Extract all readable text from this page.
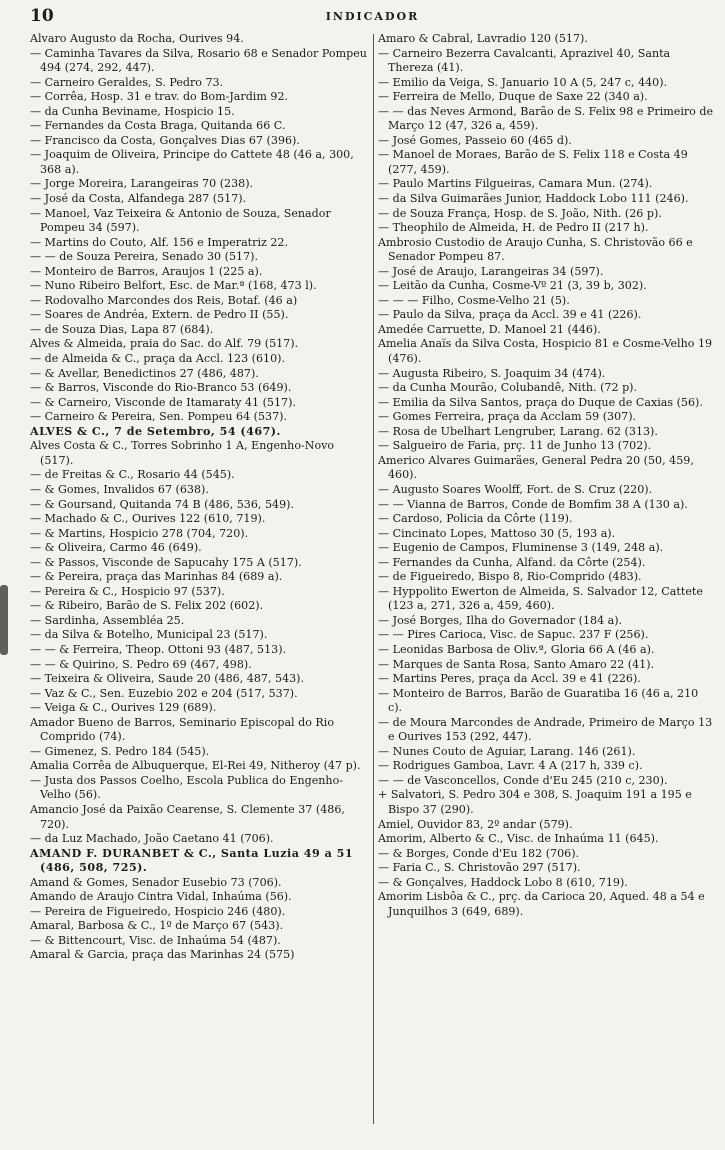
10	INDICADOR

Alvaro Augusto da Rocha, Ourives 94.

— Caminha Tavares da Silva, Rosario 68 e Senador Pompeu 494 (274, 292, 447).

— Carneiro Geraldes, S. Pedro 73.

— Corrêa, Hosp. 31 e trav. do Bom-Jardim 92.

— da Cunha Beviname, Hospicio 15.

— Fernandes da Costa Braga, Quitanda 66 C.

— Francisco da Costa, Gonçalves Dias 67 (396).

— Joaquim de Oliveira, Principe do Cattete 48 (46 a, 300, 368 a).

— Jorge Moreira, Larangeiras 70 (238).

— José da Costa, Alfandega 287 (517).

— Manoel, Vaz Teixeira & Antonio de Souza, Senador Pompeu 34 (597).

— Martins do Couto, Alf. 156 e Imperatriz 22.

— — de Souza Pereira, Senado 30 (517).

— Monteiro de Barros, Araujos 1 (225 a).

— Nuno Ribeiro Belfort, Esc. de Mar.ª (168, 473 l).

— Rodovalho Marcondes dos Reis, Botaf. (46 a)

— Soares de Andréa, Extern. de Pedro II (55).

— de Souza Dias, Lapa 87 (684).

Alves & Almeida, praia do Sac. do Alf. 79 (517).

— de Almeida & C., praça da Accl. 123 (610).

— & Avellar, Benedictinos 27 (486, 487).

— & Barros, Visconde do Rio-Branco 53 (649).

— & Carneiro, Visconde de Itamaraty 41 (517).

— Carneiro & Pereira, Sen. Pompeu 64 (537).

ALVES & C., 7 de Setembro, 54 (467).

Alves Costa & C., Torres Sobrinho 1 A, Engenho-Novo (517).

— de Freitas & C., Rosario 44 (545).

— & Gomes, Invalidos 67 (638).

— & Goursand, Quitanda 74 B (486, 536, 549).

— Machado & C., Ourives 122 (610, 719).

— & Martins, Hospicio 278 (704, 720).

— & Oliveira, Carmo 46 (649).

— & Passos, Visconde de Sapucahy 175 A (517).

— & Pereira, praça das Marinhas 84 (689 a).

— Pereira & C., Hospicio 97 (537).

— & Ribeiro, Barão de S. Felix 202 (602).

— Sardinha, Assembléa 25.

— da Silva & Botelho, Municipal 23 (517).

— — & Ferreira, Theop. Ottoni 93 (487, 513).

— — & Quirino, S. Pedro 69 (467, 498).

— Teixeira & Oliveira, Saude 20 (486, 487, 543).

— Vaz & C., Sen. Euzebio 202 e 204 (517, 537).

— Veiga & C., Ourives 129 (689).

Amador Bueno de Barros, Seminario Episcopal do Rio Comprido (74).

— Gimenez, S. Pedro 184 (545).

Amalia Corrêa de Albuquerque, El-Rei 49, Nitheroy (47 p).

— Justa dos Passos Coelho, Escola Publica do Engenho-Velho (56).

Amancio José da Paixão Cearense, S. Clemente 37 (486, 720).

— da Luz Machado, João Caetano 41 (706).

AMAND F. DURANBET & C., Santa Luzia 49 a 51 (486, 508, 725).

Amand & Gomes, Senador Eusebio 73 (706).

Amando de Araujo Cintra Vidal, Inhaúma (56).

— Pereira de Figueiredo, Hospicio 246 (480).

Amaral, Barbosa & C., 1º de Março 67 (543).

— & Bittencourt, Visc. de Inhaúma 54 (487).

Amaral & Garcia, praça das Marinhas 24 (575)

Amaro & Cabral, Lavradio 120 (517).

— Carneiro Bezerra Cavalcanti, Aprazivel 40, Santa Thereza (41).

— Emilio da Veiga, S. Januario 10 A (5, 247 c, 440).

— Ferreira de Mello, Duque de Saxe 22 (340 a).

— — das Neves Armond, Barão de S. Felix 98 e Primeiro de Março 12 (47, 326 a, 459).

— José Gomes, Passeio 60 (465 d).

— Manoel de Moraes, Barão de S. Felix 118 e Costa 49 (277, 459).

— Paulo Martins Filgueiras, Camara Mun. (274).

— da Silva Guimarães Junior, Haddock Lobo 111 (246).

— de Souza França, Hosp. de S. João, Nith. (26 p).

— Theophilo de Almeida, H. de Pedro II (217 h).

Ambrosio Custodio de Araujo Cunha, S. Christovão 66 e Senador Pompeu 87.

— José de Araujo, Larangeiras 34 (597).

— Leitão da Cunha, Cosme-Vº 21 (3, 39 b, 302).

— — — Filho, Cosme-Velho 21 (5).

— Paulo da Silva, praça da Accl. 39 e 41 (226).

Amedée Carruette, D. Manoel 21 (446).

Amelia Anaïs da Silva Costa, Hospicio 81 e Cosme-Velho 19 (476).

— Augusta Ribeiro, S. Joaquim 34 (474).

— da Cunha Mourão, Colubandê, Nith. (72 p).

— Emilia da Silva Santos, praça do Duque de Caxias (56).

— Gomes Ferreira, praça da Acclam 59 (307).

— Rosa de Ubelhart Lengruber, Larang. 62 (313).

— Salgueiro de Faria, prç. 11 de Junho 13 (702).

Americo Alvares Guimarães, General Pedra 20 (50, 459, 460).

— Augusto Soares Woolff, Fort. de S. Cruz (220).

— — Vianna de Barros, Conde de Bomfim 38 A (130 a).

— Cardoso, Policia da Côrte (119).

— Cincinato Lopes, Mattoso 30 (5, 193 a).

— Eugenio de Campos, Fluminense 3 (149, 248 a).

— Fernandes da Cunha, Alfand. da Côrte (254).

— de Figueiredo, Bispo 8, Rio-Comprido (483).

— Hyppolito Ewerton de Almeida, S. Salvador 12, Cattete (123 a, 271, 326 a, 459, 460).

— José Borges, Ilha do Governador (184 a).

— — Pires Carioca, Visc. de Sapuc. 237 F (256).

— Leonidas Barbosa de Oliv.ª, Gloria 66 A (46 a).

— Marques de Santa Rosa, Santo Amaro 22 (41).

— Martins Peres, praça da Accl. 39 e 41 (226).

— Monteiro de Barros, Barão de Guaratiba 16 (46 a, 210 c).

— de Moura Marcondes de Andrade, Primeiro de Março 13 e Ourives 153 (292, 447).

— Nunes Couto de Aguiar, Larang. 146 (261).

— Rodrigues Gamboa, Lavr. 4 A (217 h, 339 c).

— — de Vasconcellos, Conde d'Eu 245 (210 c, 230).

+ Salvatori, S. Pedro 304 e 308, S. Joaquim 191 a 195 e Bispo 37 (290).

Amiel, Ouvidor 83, 2º andar (579).

Amorim, Alberto & C., Visc. de Inhaúma 11 (645).

— & Borges, Conde d'Eu 182 (706).

— Faria C., S. Christovão 297 (517).

— & Gonçalves, Haddock Lobo 8 (610, 719).

Amorim Lisbôa & C., prç. da Carioca 20, Aqued. 48 a 54 e Junquilhos 3 (649, 689).
